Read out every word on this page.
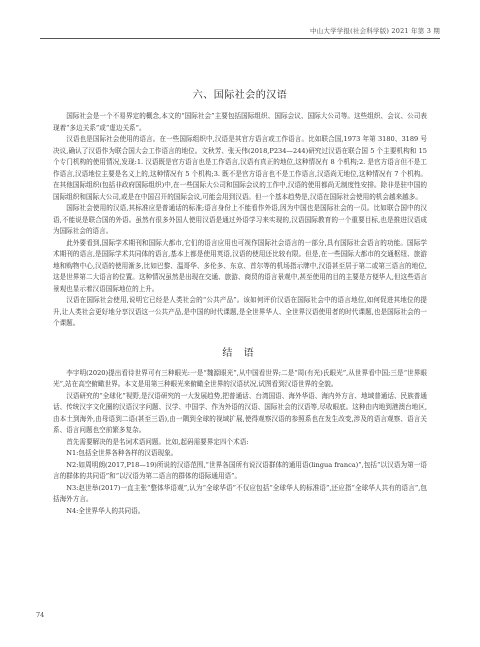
中山大学学报(社会科学版) 2021 年第 3 期
六、国际社会的汉语

国际社会是一个不易界定的概念,本文的“国际社会”主要包括国际组织、国际会议、国际大公司等。这些组织、会议、公司表现着“多边关系”或“虚边关系”。

汉语也是国际社会使用的语言。在一些国际组织中,汉语是其官方语言或工作语言。比如联合国,1973 年第 3180、3189 号决议,确认了汉语作为联合国大会工作语言的地位。文秋芳、张天伟(2018,P234—244)研究过汉语在联合国 5 个主要机构和 15 个专门机构的使用情况,发现:1. 汉语既是官方语言也是工作语言,汉语有真正的地位,这种情况有 8 个机构;2. 是官方语言但不是工作语言,汉语地位主要是名义上的,这种情况有 5 个机构;3. 既不是官方语言也不是工作语言,汉语尚无地位,这种情况有 7 个机构。在其他国际组织(包括非政府国际组织)中,在一些国际大公司和国际会议的工作中,汉语的使用都尚无制度性安排。除非是驻中国的国际组织和国际大公司,或是在中国召开的国际会议,可能会用到汉语。但一个基本趋势是,汉语在国际社会使用的机会越来越多。

国际社会使用的汉语,其标准应是普通话的标准;语言身份上不能看作外语,因为中国也是国际社会的一员。比如联合国中的汉语,不能说是联合国的外语。虽然有很多外国人使用汉语是通过外语学习来实现的,汉语国际教育的一个重要目标,也是推进汉语成为国际社会的语言。

此外要看到,国际学术期刊和国际大都市,它们的语言应用也可视作国际社会语言的一部分,具有国际社会语言的功能。国际学术期刊的语言,是国际学术共同体的语言,基本上都是使用英语,汉语的使用还比较有限。但是,在一些国际大都市的交通枢纽、旅游地和购物中心,汉语的使用渐多,比如巴黎、温哥华、多伦多、东京、首尔等的机场指示牌中,汉语甚至居于第二或第三语言的地位,这是世界第二大语言的位置。这种情况虽然是出现在交通、旅游、商贸的语言景观中,甚至使用的目的主要是方便华人,但这些语言景观也显示着汉语国际地位的上升。

汉语在国际社会使用,说明它已经是人类社会的“公共产品”。该如何评价汉语在国际社会中的语言地位,如何促进其地位的提升,让人类社会更好地分享汉语这一公共产品,是中国的时代课题,是全世界华人、全世界汉语使用者的时代课题,也是国际社会的一个课题。

结 语

李宇明(2020)提出看待世界可有三种眼光:一是“魏源眼光”,从中国看世界;二是“周(有光)氏眼光”,从世界看中国;三是“世界眼光”,站在高空俯瞰世界。本文是用第三种眼光来俯瞰全世界的汉语状况,试图看到汉语世界的全貌。

汉语研究的“全球化”视野,是汉语研究的一大发展趋势,把普通话、台湾国语、海外华语、海内外方言、地域普通话、民族普通话、传统汉字文化圈的汉语汉字问题、汉学、中国学、作为外语的汉语、国际社会的汉语等,尽收眼底。这种由内地到港澳台地区,由本土到海外,由母语到二语(甚至三语),由一隅到全球的视域扩展,使得观察汉语的参照系也在发生改变,涉及的语言观察、语言关系、语言问题也空前繁多复杂。

首先需要解决的是名词术语问题。比如,起码需要界定四个术语:

N1:包括全世界各种各样的汉语现象。

N2:如周明朗(2017,P18—19)所说的汉语范围,“世界各国所有说汉语群体的通用语(lingua franca)”,包括“以汉语为第一语言的群体的共同语”和“以汉语为第二语言的群体的语际通用语”。

N3:赵世举(2017)一直主张“整体华语观”,认为“全球华语”不仅应包括“全球华人的标准语”,还应指“全球华人共有的语言”,包括海外方言。

N4:全世界华人的共同语。

74
